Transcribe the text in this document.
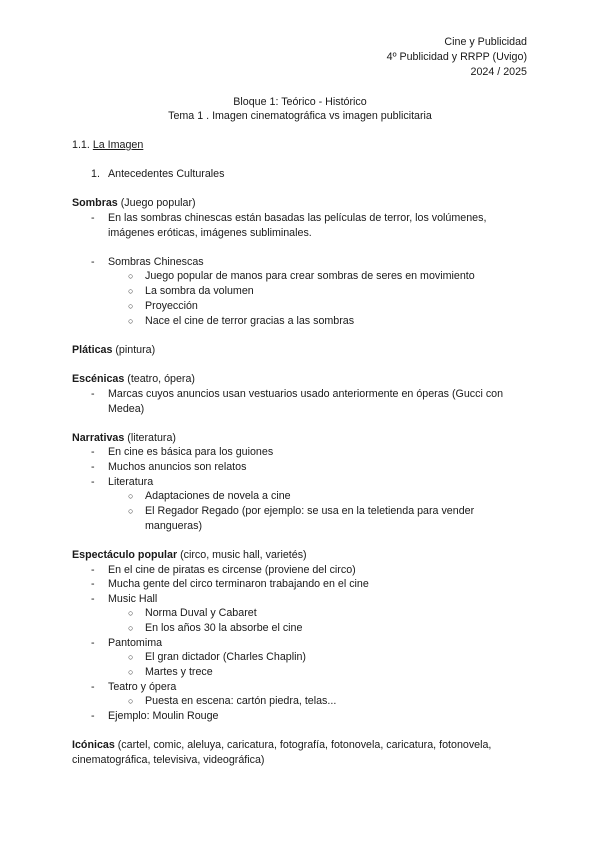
Cine y Publicidad
4º Publicidad y RRPP (Uvigo)
2024 / 2025
Bloque 1: Teórico - Histórico
Tema 1 . Imagen cinematográfica vs imagen publicitaria
1.1. La Imagen
1. Antecedentes Culturales
Sombras (Juego popular)
- En las sombras chinescas están basadas las películas de terror, los volúmenes,
imágenes eróticas, imágenes subliminales.
- Sombras Chinescas
○ Juego popular de manos para crear sombras de seres en movimiento
○ La sombra da volumen
○ Proyección
○ Nace el cine de terror gracias a las sombras
Pláticas (pintura)
Escénicas (teatro, ópera)
- Marcas cuyos anuncios usan vestuarios usado anteriormente en óperas (Gucci con
Medea)
Narrativas (literatura)
- En cine es básica para los guiones
- Muchos anuncios son relatos
- Literatura
○ Adaptaciones de novela a cine
○ El Regador Regado (por ejemplo: se usa en la teletienda para vender
mangueras)
Espectáculo popular (circo, music hall, varietés)
- En el cine de piratas es circense (proviene del circo)
- Mucha gente del circo terminaron trabajando en el cine
- Music Hall
○ Norma Duval y Cabaret
○ En los años 30 la absorbe el cine
- Pantomima
○ El gran dictador (Charles Chaplin)
○ Martes y trece
- Teatro y ópera
○ Puesta en escena: cartón piedra, telas...
- Ejemplo: Moulin Rouge
Icónicas (cartel, comic, aleluya, caricatura, fotografía, fotonovela, caricatura, fotonovela,
cinematográfica, televisiva, videográfica)
